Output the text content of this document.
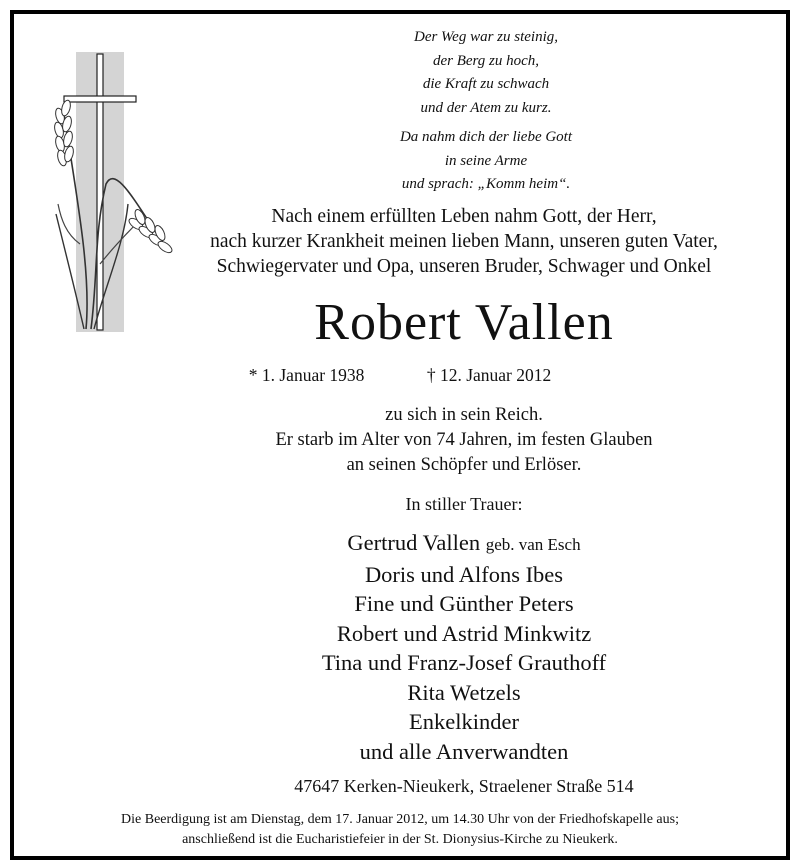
Der Weg war zu steinig,
der Berg zu hoch,
die Kraft zu schwach
und der Atem zu kurz.
Da nahm dich der liebe Gott
in seine Arme
und sprach: „Komm heim“.
Nach einem erfüllten Leben nahm Gott, der Herr,
nach kurzer Krankheit meinen lieben Mann, unseren guten Vater,
Schwiegervater und Opa, unseren Bruder, Schwager und Onkel
Robert Vallen
* 1. Januar 1938	† 12. Januar 2012
zu sich in sein Reich.
Er starb im Alter von 74 Jahren, im festen Glauben
an seinen Schöpfer und Erlöser.
In stiller Trauer:
Gertrud Vallen geb. van Esch
Doris und Alfons Ibes
Fine und Günther Peters
Robert und Astrid Minkwitz
Tina und Franz-Josef Grauthoff
Rita Wetzels
Enkelkinder
und alle Anverwandten
47647 Kerken-Nieukerk, Straelener Straße 514
Die Beerdigung ist am Dienstag, dem 17. Januar 2012, um 14.30 Uhr von der Friedhofskapelle aus;
anschließend ist die Eucharistiefeier in der St. Dionysius-Kirche zu Nieukerk.
